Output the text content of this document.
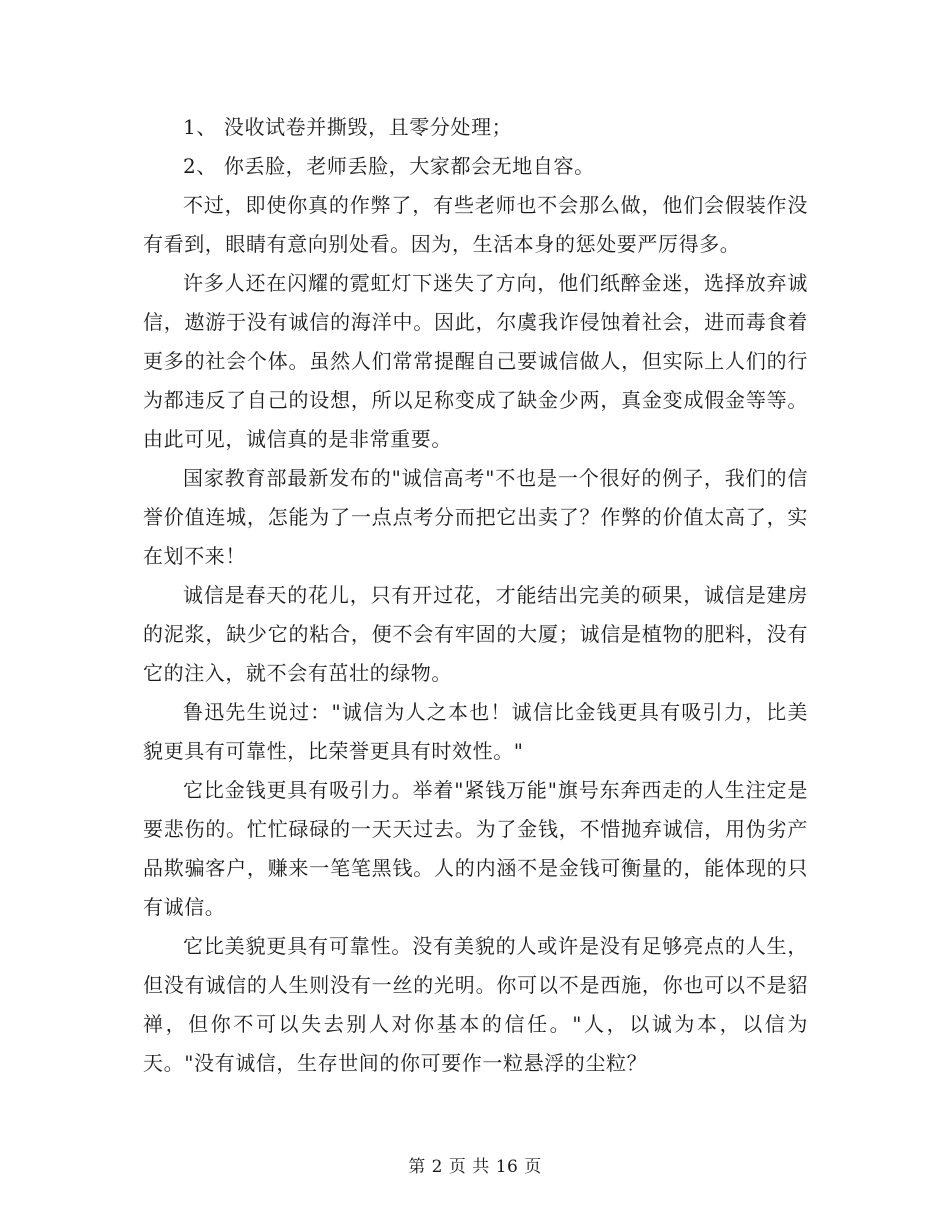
1、 没收试卷并撕毁，且零分处理；

2、 你丢脸，老师丢脸，大家都会无地自容。

不过，即使你真的作弊了，有些老师也不会那么做，他们会假装作没有看到，眼睛有意向别处看。因为，生活本身的惩处要严厉得多。

许多人还在闪耀的霓虹灯下迷失了方向，他们纸醉金迷，选择放弃诚信，遨游于没有诚信的海洋中。因此，尔虞我诈侵蚀着社会，进而毒食着更多的社会个体。虽然人们常常提醒自己要诚信做人，但实际上人们的行为都违反了自己的设想，所以足称变成了缺金少两，真金变成假金等等。由此可见，诚信真的是非常重要。

国家教育部最新发布的"诚信高考"不也是一个很好的例子，我们的信誉价值连城，怎能为了一点点考分而把它出卖了？作弊的价值太高了，实在划不来！

诚信是春天的花儿，只有开过花，才能结出完美的硕果，诚信是建房的泥浆，缺少它的粘合，便不会有牢固的大厦；诚信是植物的肥料，没有它的注入，就不会有茁壮的绿物。

鲁迅先生说过："诚信为人之本也！诚信比金钱更具有吸引力，比美貌更具有可靠性，比荣誉更具有时效性。"

它比金钱更具有吸引力。举着"紧钱万能"旗号东奔西走的人生注定是要悲伤的。忙忙碌碌的一天天过去。为了金钱，不惜抛弃诚信，用伪劣产品欺骗客户，赚来一笔笔黑钱。人的内涵不是金钱可衡量的，能体现的只有诚信。

它比美貌更具有可靠性。没有美貌的人或许是没有足够亮点的人生，但没有诚信的人生则没有一丝的光明。你可以不是西施，你也可以不是貂禅，但你不可以失去别人对你基本的信任。"人，以诚为本，以信为天。"没有诚信，生存世间的你可要作一粒悬浮的尘粒？

第 2 页 共 16 页
